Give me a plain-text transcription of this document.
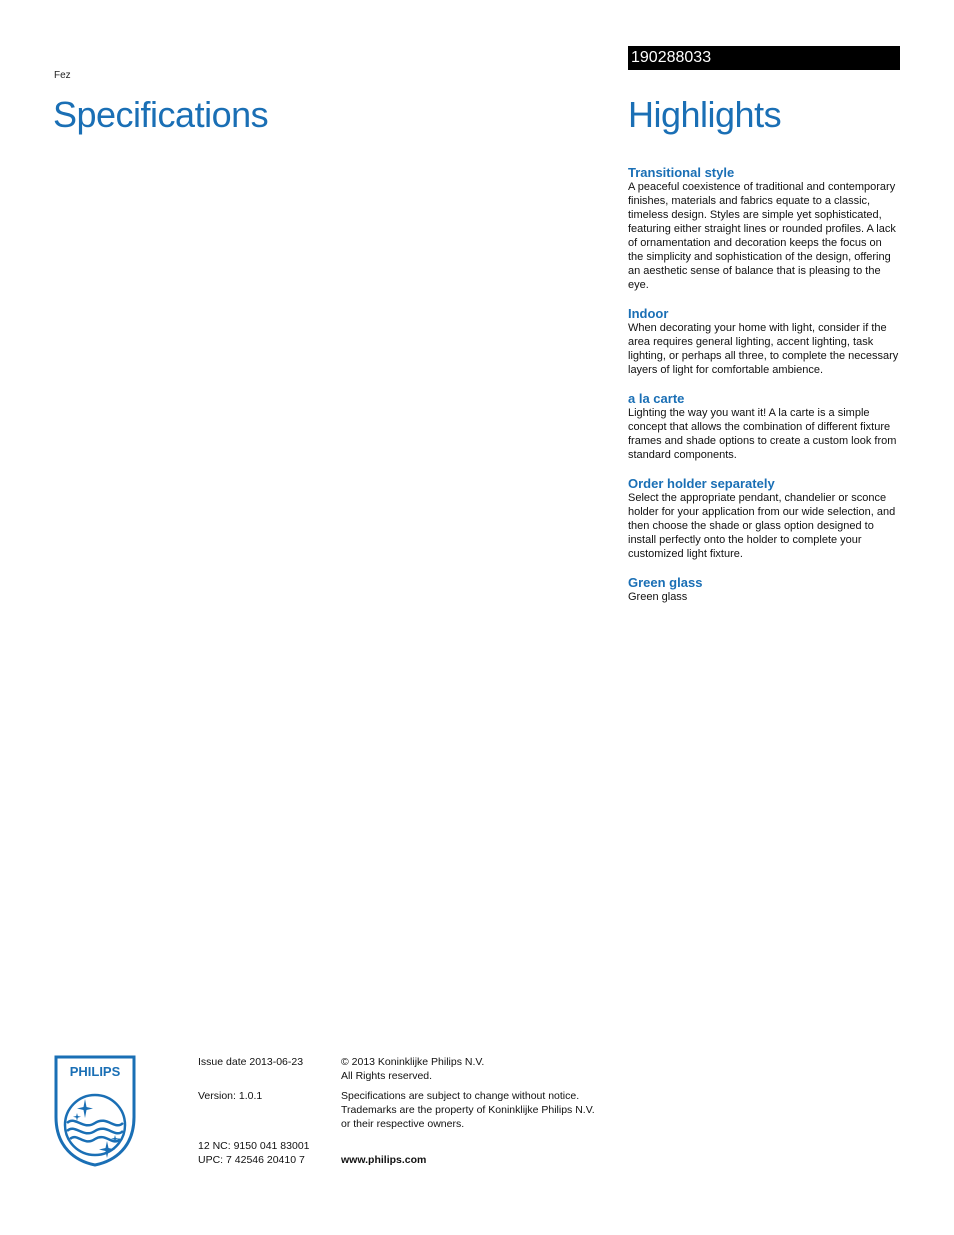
Fez
Specifications
190288033
Highlights
Transitional style
A peaceful coexistence of traditional and contemporary finishes, materials and fabrics equate to a classic, timeless design. Styles are simple yet sophisticated, featuring either straight lines or rounded profiles. A lack of ornamentation and decoration keeps the focus on the simplicity and sophistication of the design, offering an aesthetic sense of balance that is pleasing to the eye.
Indoor
When decorating your home with light, consider if the area requires general lighting, accent lighting, task lighting, or perhaps all three, to complete the necessary layers of light for comfortable ambience.
a la carte
Lighting the way you want it! A la carte is a simple concept that allows the combination of different fixture frames and shade options to create a custom look from standard components.
Order holder separately
Select the appropriate pendant, chandelier or sconce holder for your application from our wide selection, and then choose the shade or glass option designed to install perfectly onto the holder to complete your customized light fixture.
Green glass
Green glass
PHILIPS
Issue date 2013-06-23
Version: 1.0.1
12 NC: 9150 041 83001
UPC: 7 42546 20410 7
© 2013 Koninklijke Philips N.V.
All Rights reserved.
Specifications are subject to change without notice.
Trademarks are the property of Koninklijke Philips N.V.
or their respective owners.
www.philips.com
